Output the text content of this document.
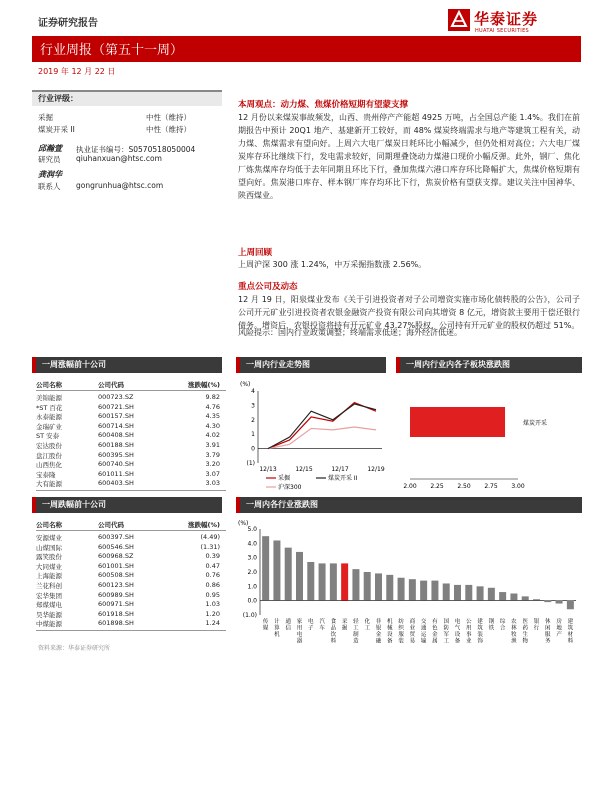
证券研究报告	华泰证券
HUATAI SECURITIES
行业周报（第五十一周）
2019 年 12 月 22 日
行业评级：
采掘	中性（维持）
煤炭开采 II	中性（维持）
邱瀚萱 执业证书编号：S0570518050004
研究员 qiuhanxuan@htsc.com
龚润华
联系人 gongrunhua@htsc.com
本周观点：动力煤、焦煤价格短期有望蒙支撑
12 月份以来煤炭事故频发，山西、贵州停产产能超 4925 万吨，占全国总产能 1.4%。我们在前期报告中预计 20Q1 地产、基建新开工较好，而 48% 煤炭终端需求与地产等建筑工程有关，动力煤、焦煤需求有望向好。上周六大电厂煤炭日耗环比小幅减少，但仍处相对高位；六大电厂煤炭库存环比继续下行，发电需求较好，同期理叠饶动力煤港口现价小幅反弹。此外，钢厂、焦化厂炼焦煤库存均低于去年同期且环比下行，叠加焦煤六港口库存环比降幅扩大，焦煤价格短期有望向好。焦炭港口库存、样本钢厂库存均环比下行，焦炭价格有望获支撑。建议关注中国神华、陕西煤业。
上周回顾
上周沪深 300 涨 1.24%，中万采掘指数涨 2.56%。
重点公司及动态
12 月 19 日，阳泉煤业发布《关于引进投资者对子公司增资实施市场化债转股的公告》，公司子公司开元矿业引进投资者农银金融资产投资有限公司向其增资 8 亿元，增资款主要用于偿还银行债务。增资后，农银投资将持有开元矿业 43.27%股权，公司持有开元矿业的股权仍超过 51%。
风险提示：国内行业政策调整；终端需求低迷；海外经济低迷。
一周涨幅前十公司
公司名称	公司代码	涨跌幅(%)
美锦能源	000723.SZ	9.82
*ST 百花	600721.SH	4.76
永泰能源	600157.SH	4.35
金瑞矿业	600714.SH	4.30
ST 安泰	600408.SH	4.02
宏达股份	600188.SH	3.91
盘江股份	600395.SH	3.79
山西焦化	600740.SH	3.20
宝泰隆	601011.SH	3.07
大有能源	600403.SH	3.03
一周跌幅前十公司
公司名称	公司代码	涨跌幅(%)
安源煤业	600397.SH	(4.49)
山煤国际	600546.SH	(1.31)
露笑股份	600968.SZ	0.39
大同煤业	601001.SH	0.47
上海能源	600508.SH	0.76
兰花科创	600123.SH	0.86
宏华集团	600989.SH	0.95
郑煤煤电	600971.SH	1.03
昊华能源	601918.SH	1.20
中煤能源	601898.SH	1.24
资料来源：华泰证券研究所
一周内行业走势图
(%)
4
3
2
1
0
(1)
12/13	12/15	12/17	12/19
采掘	煤炭开采 II
沪深300
一周内行业内各子板块涨跌图
2.00 2.25 2.50 2.75 3.00
煤炭开采
一周内各行业涨跌图
(%)
5.0
4.0
3.0
2.0
1.0
0.0
(1.0)
传媒
计算机
通信
家用电器
电子
汽车
食品饮料
采掘
轻工制造
化工
非银金融
机械设备
纺织服装
商业贸易
交通运输
有色金属
国防军工
电气设备
公用事业
建筑装饰
钢铁
综合
农林牧渔
医药生物
银行
休闲服务
房地产
建筑材料
